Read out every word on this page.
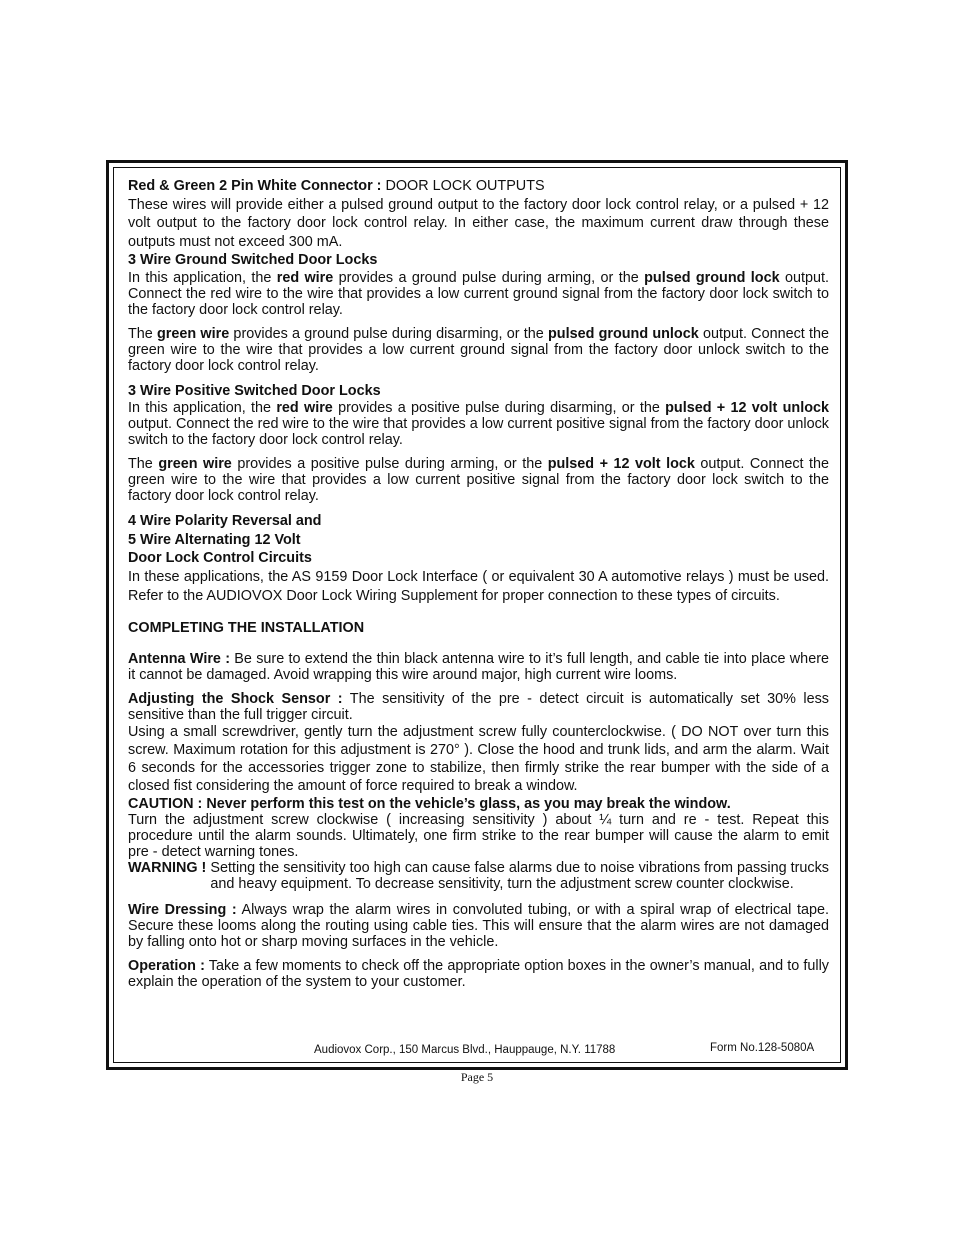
Red & Green 2 Pin White Connector : DOOR LOCK OUTPUTS

These wires will provide either a pulsed ground output to the factory door lock control relay, or a pulsed + 12 volt output to the factory door lock control relay. In either case, the maximum current draw through these outputs must not exceed 300 mA.

3 Wire Ground Switched Door Locks

In this application, the red wire provides a ground pulse during arming, or the pulsed ground lock output. Connect the red wire to the wire that provides a low current ground signal from the factory door lock switch to the factory door lock control relay.

The green wire provides a ground pulse during disarming, or the pulsed ground unlock output. Connect the green wire to the wire that provides a low current ground signal from the factory door unlock switch to the factory door lock control relay.

3 Wire Positive Switched Door Locks

In this application, the red wire provides a positive pulse during disarming, or the pulsed + 12 volt unlock output. Connect the red wire to the wire that provides a low current positive signal from the factory door unlock switch to the factory door lock control relay.

The green wire provides a positive pulse during arming, or the pulsed + 12 volt lock output. Connect the green wire to the wire that provides a low current positive signal from the factory door lock switch to the factory door lock control relay.

4 Wire Polarity Reversal and

5 Wire Alternating 12 Volt

Door Lock Control Circuits

In these applications, the AS 9159 Door Lock Interface ( or equivalent 30 A automotive relays ) must be used. Refer to the AUDIOVOX Door Lock Wiring Supplement for proper connection to these types of circuits.

COMPLETING THE INSTALLATION

Antenna Wire : Be sure to extend the thin black antenna wire to it’s full length, and cable tie into place where it cannot be damaged. Avoid wrapping this wire around major, high current wire looms.

Adjusting the Shock Sensor : The sensitivity of the pre - detect circuit is automatically set 30% less sensitive than the full trigger circuit.

Using a small screwdriver, gently turn the adjustment screw fully counterclockwise. ( DO NOT over turn this screw. Maximum rotation for this adjustment is 270° ). Close the hood and trunk lids, and arm the alarm. Wait 6 seconds for the accessories trigger zone to stabilize, then firmly strike the rear bumper with the side of a closed fist considering the amount of force required to break a window.

CAUTION : Never perform this test on the vehicle’s glass, as you may break the window.

Turn the adjustment screw clockwise ( increasing sensitivity ) about ¼ turn and re - test. Repeat this procedure until the alarm sounds. Ultimately, one firm strike to the rear bumper will cause the alarm to emit pre - detect warning tones.

WARNING ! Setting the sensitivity too high can cause false alarms due to noise vibrations from passing trucks and heavy equipment. To decrease sensitivity, turn the adjustment screw counter clockwise.

Wire Dressing : Always wrap the alarm wires in convoluted tubing, or with a spiral wrap of electrical tape. Secure these looms along the routing using cable ties. This will ensure that the alarm wires are not damaged by falling onto hot or sharp moving surfaces in the vehicle.

Operation : Take a few moments to check off the appropriate option boxes in the owner’s manual, and to fully explain the operation of the system to your customer.

Audiovox Corp., 150 Marcus Blvd., Hauppauge, N.Y. 11788	Form No.128-5080A
Page 5
